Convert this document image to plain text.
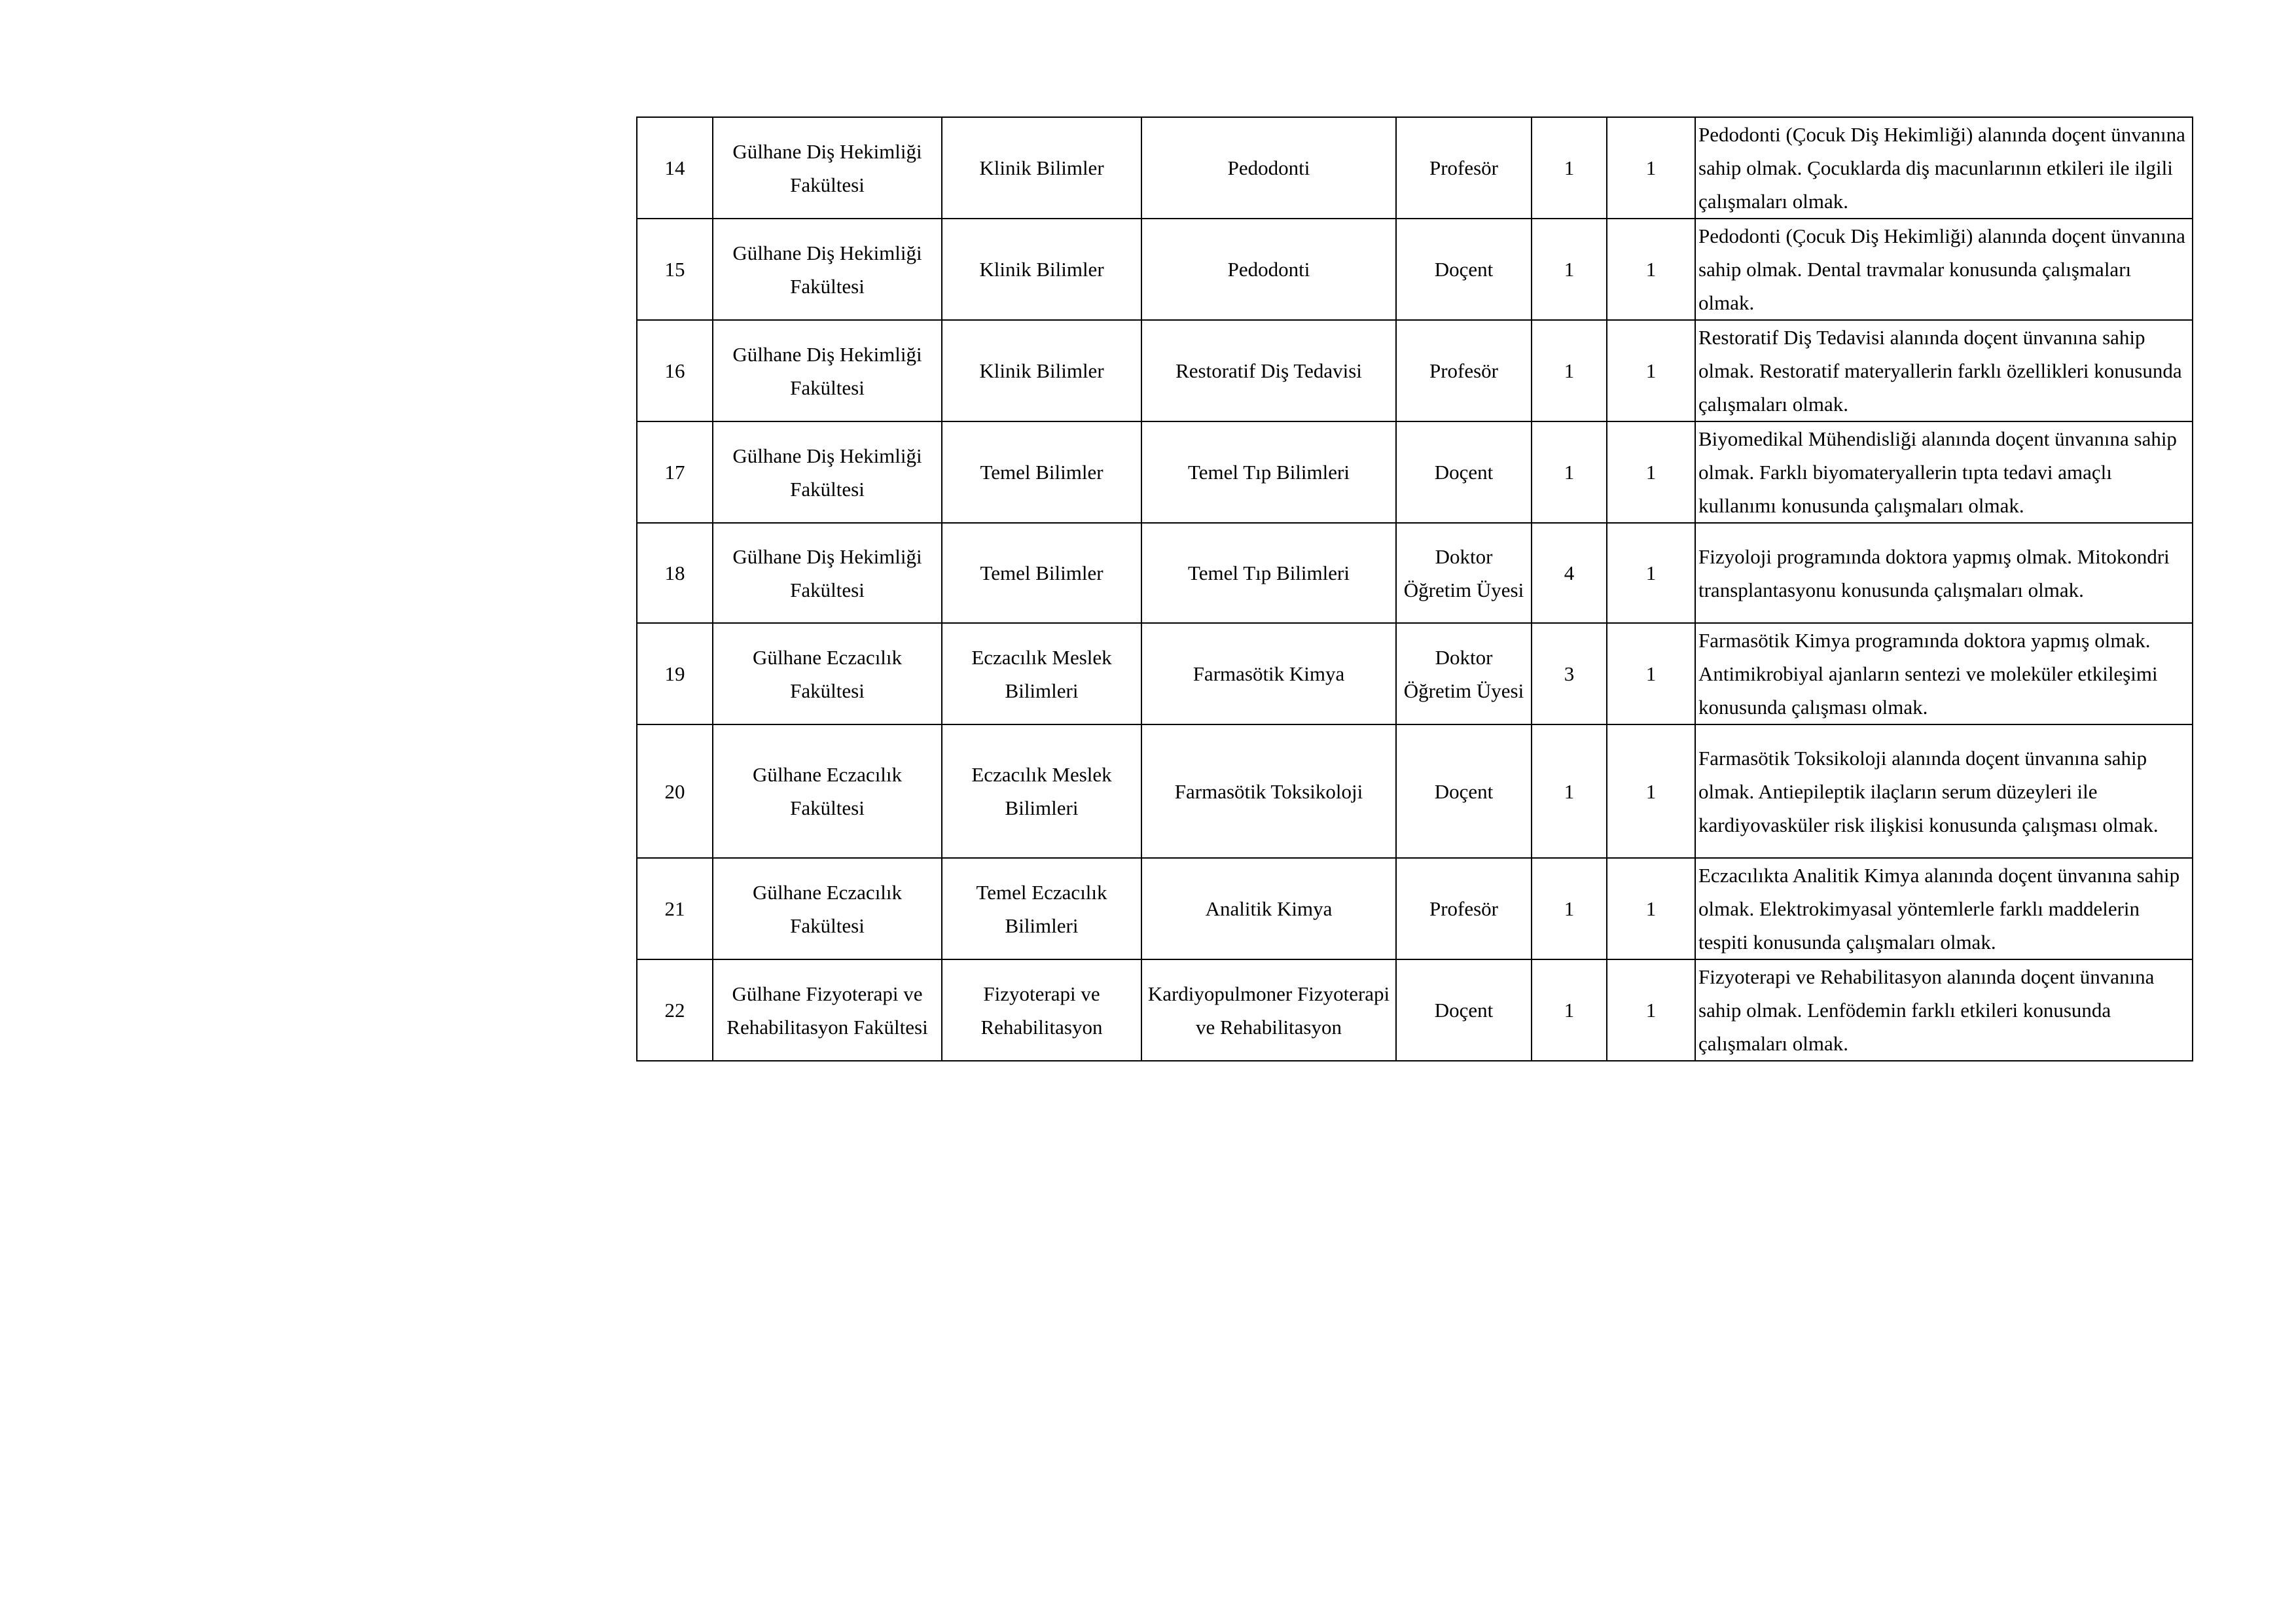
14	Gülhane Diş Hekimliği Fakültesi	Klinik Bilimler	Pedodonti	Profesör	1	1	Pedodonti (Çocuk Diş Hekimliği) alanında doçent ünvanına sahip olmak. Çocuklarda diş macunlarının etkileri ile ilgili çalışmaları olmak.
15	Gülhane Diş Hekimliği Fakültesi	Klinik Bilimler	Pedodonti	Doçent	1	1	Pedodonti (Çocuk Diş Hekimliği) alanında doçent ünvanına sahip olmak. Dental travmalar konusunda çalışmaları olmak.
16	Gülhane Diş Hekimliği Fakültesi	Klinik Bilimler	Restoratif Diş Tedavisi	Profesör	1	1	Restoratif Diş Tedavisi alanında doçent ünvanına sahip olmak. Restoratif materyallerin farklı özellikleri konusunda çalışmaları olmak.
17	Gülhane Diş Hekimliği Fakültesi	Temel Bilimler	Temel Tıp Bilimleri	Doçent	1	1	Biyomedikal Mühendisliği alanında doçent ünvanına sahip olmak. Farklı biyomateryallerin tıpta tedavi amaçlı kullanımı konusunda çalışmaları olmak.
18	Gülhane Diş Hekimliği Fakültesi	Temel Bilimler	Temel Tıp Bilimleri	Doktor Öğretim Üyesi	4	1	Fizyoloji programında doktora yapmış olmak. Mitokondri transplantasyonu konusunda çalışmaları olmak.
19	Gülhane Eczacılık Fakültesi	Eczacılık Meslek Bilimleri	Farmasötik Kimya	Doktor Öğretim Üyesi	3	1	Farmasötik Kimya programında doktora yapmış olmak. Antimikrobiyal ajanların sentezi ve moleküler etkileşimi konusunda çalışması olmak.
20	Gülhane Eczacılık Fakültesi	Eczacılık Meslek Bilimleri	Farmasötik Toksikoloji	Doçent	1	1	Farmasötik Toksikoloji alanında doçent ünvanına sahip olmak. Antiepileptik ilaçların serum düzeyleri ile kardiyovasküler risk ilişkisi konusunda çalışması olmak.
21	Gülhane Eczacılık Fakültesi	Temel Eczacılık Bilimleri	Analitik Kimya	Profesör	1	1	Eczacılıkta Analitik Kimya alanında doçent ünvanına sahip olmak. Elektrokimyasal yöntemlerle farklı maddelerin tespiti konusunda çalışmaları olmak.
22	Gülhane Fizyoterapi ve Rehabilitasyon Fakültesi	Fizyoterapi ve Rehabilitasyon	Kardiyopulmoner Fizyoterapi ve Rehabilitasyon	Doçent	1	1	Fizyoterapi ve Rehabilitasyon alanında doçent ünvanına sahip olmak. Lenfödemin farklı etkileri konusunda çalışmaları olmak.
